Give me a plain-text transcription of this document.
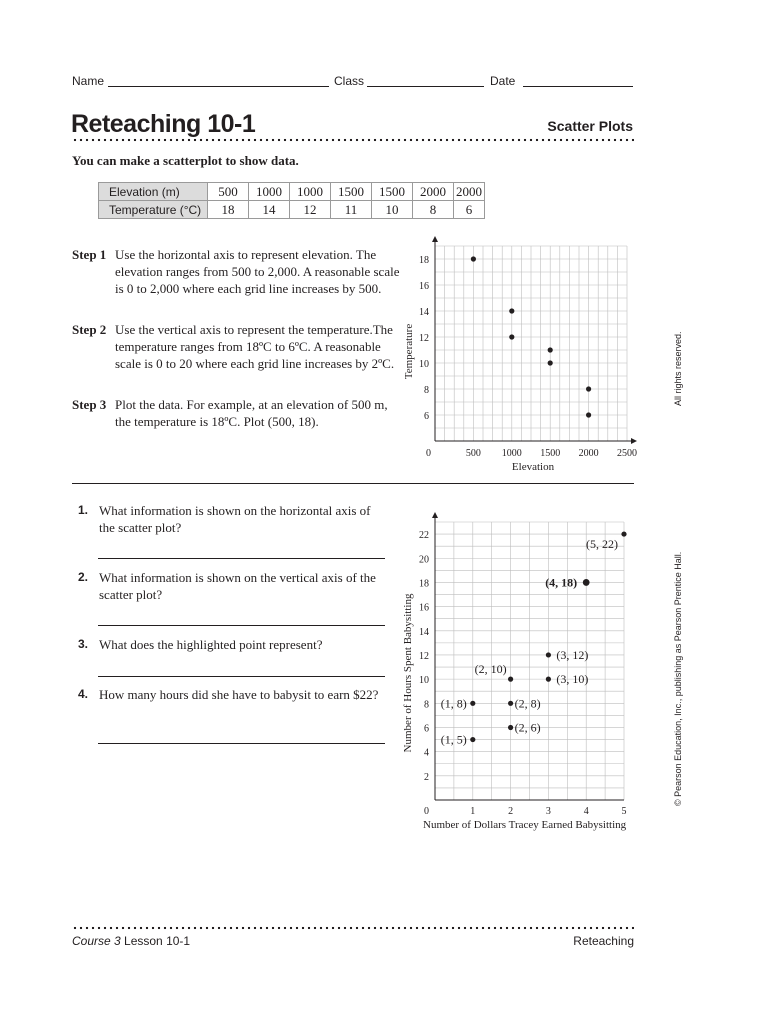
Name	Class	Date
Reteaching 10-1	Scatter Plots
You can make a scatterplot to show data.
Elevation (m)	500	1000	1000	1500	1500	2000	2000
Temperature (°C)	18	14	12	11	10	8	6
Step 1 Use the horizontal axis to represent elevation. The elevation ranges from 500 to 2,000. A reasonable scale is 0 to 2,000 where each grid line increases by 500.
Step 2 Use the vertical axis to represent the temperature.The temperature ranges from 18ºC to 6ºC. A reasonable scale is 0 to 20 where each grid line increases by 2ºC.
Step 3 Plot the data. For example, at an elevation of 500 m, the temperature is 18ºC. Plot (500, 18).
500 1000 1500 2000 2500
6
8
10
12
14
16
18
0
Elevation
Temperature
1. What information is shown on the horizontal axis of the scatter plot?
2. What information is shown on the vertical axis of the scatter plot?
3. What does the highlighted point represent?
4. How many hours did she have to babysit to earn $22?
1	2	3	4	5
2
4
6
8
10
12
14
16
18
20
22
0
Number of Dollars Tracey Earned Babysitting
Number of Hours Spent Babysitting (1, 5)
(1, 8)
(2, 6)
(2, 8)
(2, 10)
(3, 10)
(3, 12)
(4, 18)
(5, 22)
All rights reserved.
© Pearson Education, Inc., publishing as Pearson Prentice Hall.
Course 3 Lesson 10-1	Reteaching
